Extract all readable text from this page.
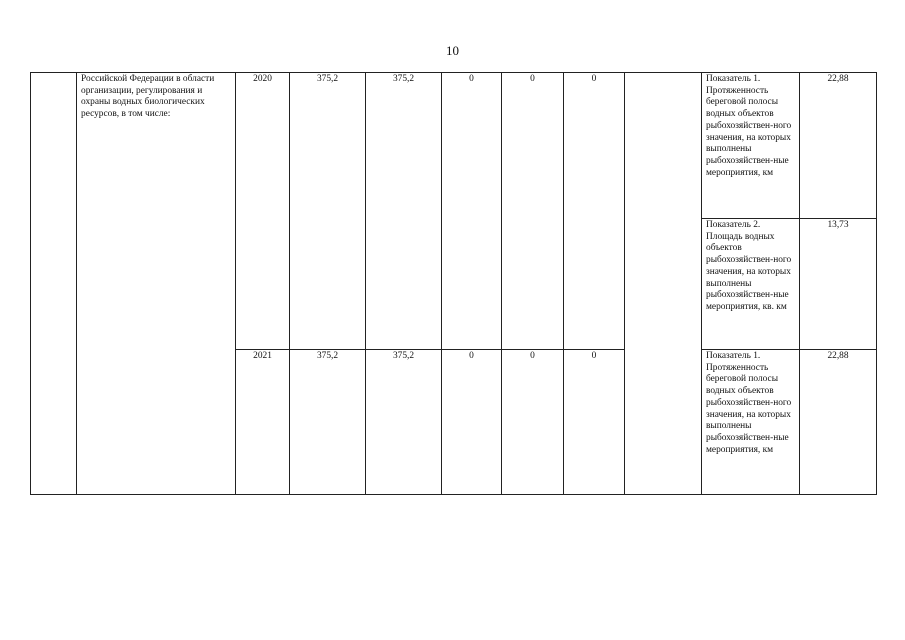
10
	Российской Федерации в области организации, регулирования и охраны водных биологических ресурсов, в том числе:	2020	375,2	375,2	0	0	0		Показатель 1. Протяженность береговой полосы водных объектов рыбохозяйствен-ного значения, на которых выполнены рыбохозяйствен-ные мероприятия, км	22,88
									Показатель 2. Площадь водных объектов рыбохозяйствен-ного значения, на которых выполнены рыбохозяйствен-ные мероприятия, кв. км	13,73
		2021	375,2	375,2	0	0	0		Показатель 1. Протяженность береговой полосы водных объектов рыбохозяйствен-ного значения, на которых выполнены рыбохозяйствен-ные мероприятия, км	22,88
